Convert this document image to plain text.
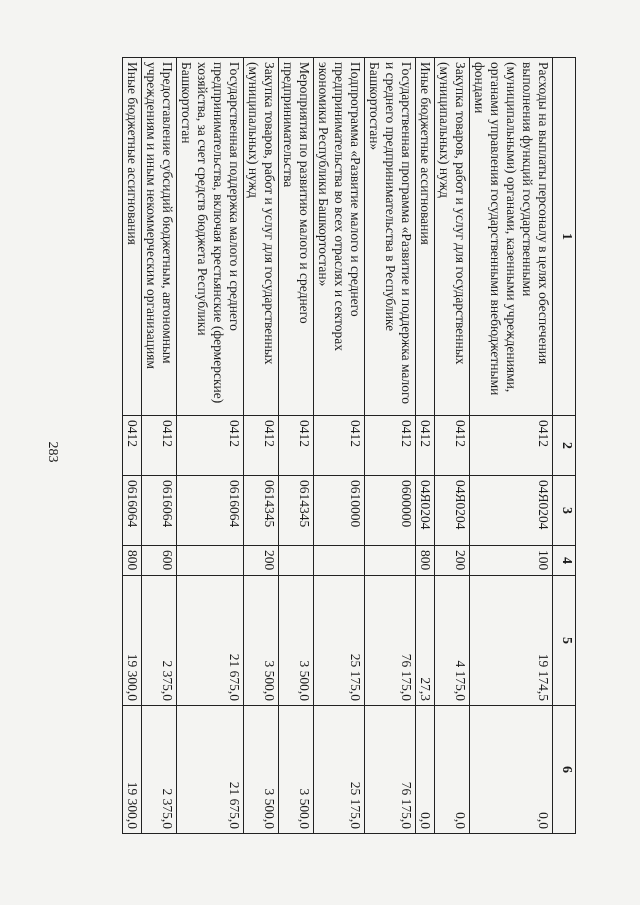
283
1	2	3	4	5	6
Расходы на выплаты персоналу в целях обеспечения выполнения функций государственными (муниципальными) органами, казенными учреждениями, органами управления государственными внебюджетными фондами	0412	04Я0204	100	19 174,5	0,0
Закупка товаров, работ и услуг для государственных (муниципальных) нужд	0412	04Я0204	200	4 175,0	0,0
Иные бюджетные ассигнования	0412	04Я0204	800	27,3	0,0
Государственная программа «Развитие и поддержка малого и среднего предпринимательства в Республике Башкортостан»	0412	0600000		76 175,0	76 175,0
Подпрограмма «Развитие малого и среднего предпринимательства во всех отраслях и секторах экономики Республики Башкортостан»	0412	0610000		25 175,0	25 175,0
Мероприятия по развитию малого и среднего предпринимательства	0412	0614345		3 500,0	3 500,0
Закупка товаров, работ и услуг для государственных (муниципальных) нужд	0412	0614345	200	3 500,0	3 500,0
Государственная поддержка малого и среднего предпринимательства, включая крестьянские (фермерские) хозяйства, за счет средств бюджета Республики Башкортостан	0412	0616064		21 675,0	21 675,0
Предоставление субсидий бюджетным, автономным учреждениям и иным некоммерческим организациям	0412	0616064	600	2 375,0	2 375,0
Иные бюджетные ассигнования	0412	0616064	800	19 300,0	19 300,0
